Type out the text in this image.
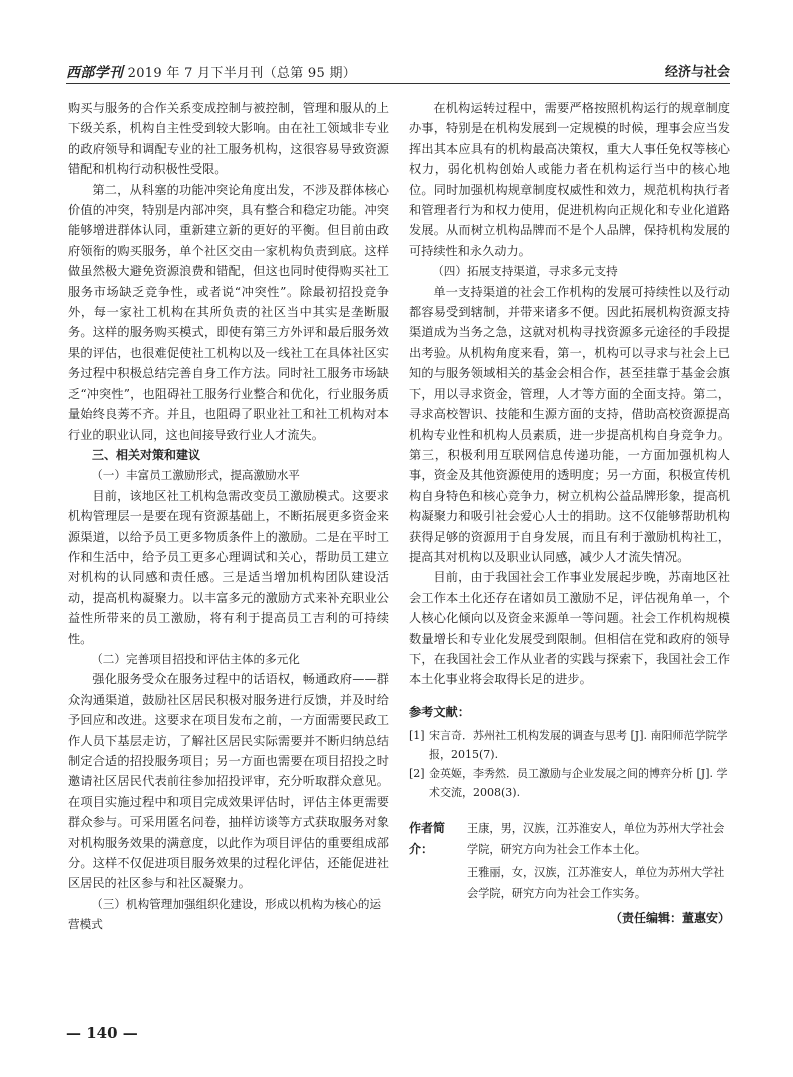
西部学刊 2019 年 7 月下半月刊（总第 95 期）	经济与社会

购买与服务的合作关系变成控制与被控制，管理和服从的上下级关系，机构自主性受到较大影响。由在社工领域非专业的政府领导和调配专业的社工服务机构，这很容易导致资源错配和机构行动积极性受限。

第二，从科塞的功能冲突论角度出发，不涉及群体核心价值的冲突，特别是内部冲突，具有整合和稳定功能。冲突能够增进群体认同，重新建立新的更好的平衡。但目前由政府领衔的购买服务，单个社区交由一家机构负责到底。这样做虽然极大避免资源浪费和错配，但这也同时使得购买社工服务市场缺乏竞争性，或者说“冲突性”。除最初招投竞争外，每一家社工机构在其所负责的社区当中其实是垄断服务。这样的服务购买模式，即使有第三方外评和最后服务效果的评估，也很难促使社工机构以及一线社工在具体社区实务过程中积极总结完善自身工作方法。同时社工服务市场缺乏“冲突性”，也阻碍社工服务行业整合和优化，行业服务质量始终良莠不齐。并且，也阻碍了职业社工和社工机构对本行业的职业认同，这也间接导致行业人才流失。

三、相关对策和建议

（一）丰富员工激励形式，提高激励水平

目前，该地区社工机构急需改变员工激励模式。这要求机构管理层一是要在现有资源基础上，不断拓展更多资金来源渠道，以给予员工更多物质条件上的激励。二是在平时工作和生活中，给予员工更多心理调试和关心，帮助员工建立对机构的认同感和责任感。三是适当增加机构团队建设活动，提高机构凝聚力。以丰富多元的激励方式来补充职业公益性所带来的员工激励，将有利于提高员工吉利的可持续性。

（二）完善项目招投和评估主体的多元化

强化服务受众在服务过程中的话语权，畅通政府——群众沟通渠道，鼓励社区居民积极对服务进行反馈，并及时给予回应和改进。这要求在项目发布之前，一方面需要民政工作人员下基层走访，了解社区居民实际需要并不断归纳总结制定合适的招投服务项目；另一方面也需要在项目招投之时邀请社区居民代表前往参加招投评审，充分听取群众意见。在项目实施过程中和项目完成效果评估时，评估主体更需要群众参与。可采用匿名问卷，抽样访谈等方式获取服务对象对机构服务效果的满意度，以此作为项目评估的重要组成部分。这样不仅促进项目服务效果的过程化评估，还能促进社区居民的社区参与和社区凝聚力。

（三）机构管理加强组织化建设，形成以机构为核心的运营模式

在机构运转过程中，需要严格按照机构运行的规章制度办事，特别是在机构发展到一定规模的时候，理事会应当发挥出其本应具有的机构最高决策权，重大人事任免权等核心权力，弱化机构创始人或能力者在机构运行当中的核心地位。同时加强机构规章制度权威性和效力，规范机构执行者和管理者行为和权力使用，促进机构向正规化和专业化道路发展。从而树立机构品牌而不是个人品牌，保持机构发展的可持续性和永久动力。

（四）拓展支持渠道，寻求多元支持

单一支持渠道的社会工作机构的发展可持续性以及行动都容易受到辖制，并带来诸多不便。因此拓展机构资源支持渠道成为当务之急，这就对机构寻找资源多元途径的手段提出考验。从机构角度来看，第一，机构可以寻求与社会上已知的与服务领域相关的基金会相合作，甚至挂靠于基金会旗下，用以寻求资金，管理，人才等方面的全面支持。第二，寻求高校智识、技能和生源方面的支持，借助高校资源提高机构专业性和机构人员素质，进一步提高机构自身竞争力。第三，积极利用互联网信息传递功能，一方面加强机构人事，资金及其他资源使用的透明度；另一方面，积极宣传机构自身特色和核心竞争力，树立机构公益品牌形象，提高机构凝聚力和吸引社会爱心人士的捐助。这不仅能够帮助机构获得足够的资源用于自身发展，而且有利于激励机构社工，提高其对机构以及职业认同感，减少人才流失情况。

目前，由于我国社会工作事业发展起步晚，苏南地区社会工作本土化还存在诸如员工激励不足，评估视角单一，个人核心化倾向以及资金来源单一等问题。社会工作机构规模数量增长和专业化发展受到限制。但相信在党和政府的领导下，在我国社会工作从业者的实践与探索下，我国社会工作本土化事业将会取得长足的进步。

参考文献：
[1] 宋言奇．苏州社工机构发展的调查与思考 [J]. 南阳师范学院学报，2015(7).
[2] 金英姬，李秀然．员工激励与企业发展之间的博弈分析 [J]. 学术交流，2008(3).
作者简介：
王康，男，汉族，江苏淮安人，单位为苏州大学社会学院，研究方向为社会工作本土化。
王雅丽，女，汉族，江苏淮安人，单位为苏州大学社会学院，研究方向为社会工作实务。
（责任编辑：董惠安）
— 140 —
